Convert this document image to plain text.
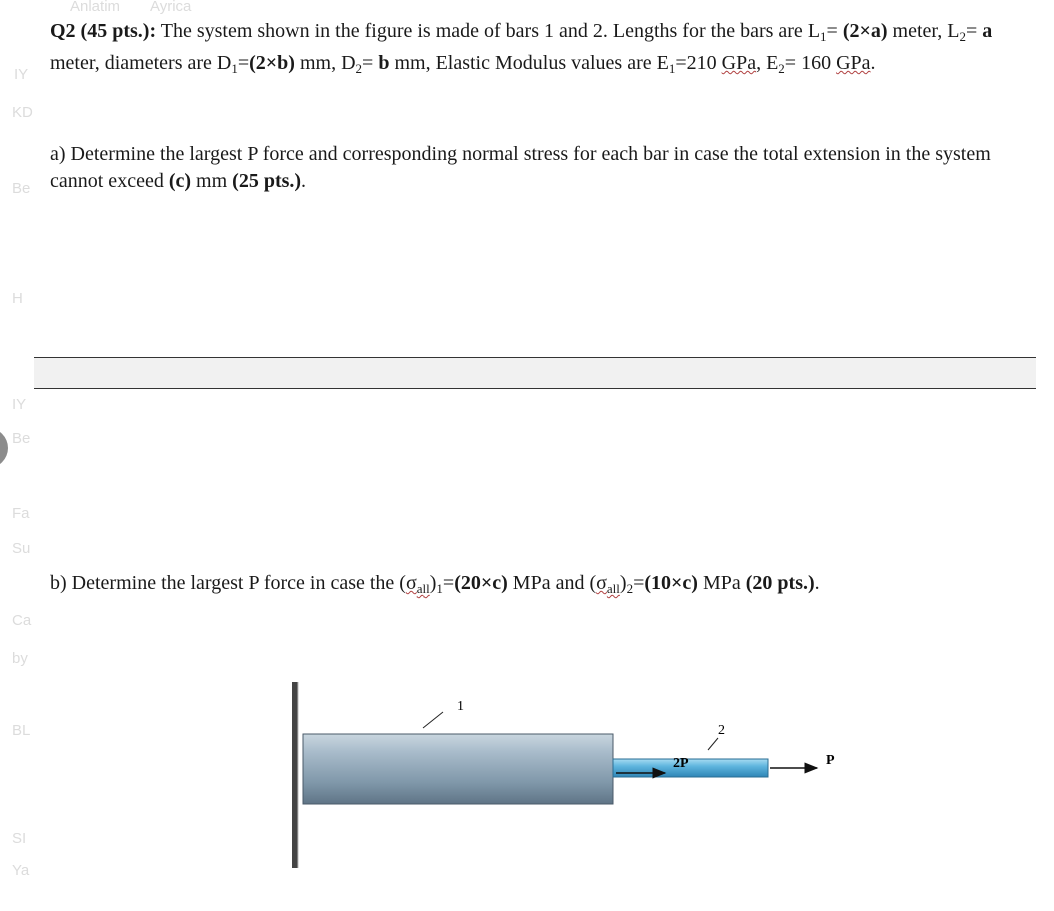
Anlatim Ayrica
IY
KD
Be
H
IY
Be
Fa
Su
Ca
by
BL
SI
Ya

Q2 (45 pts.): The system shown in the figure is made of bars 1 and 2. Lengths for the bars are $L_1= (2\times a)$ meter, $L_2= a$ meter, diameters are $D_1=(2\times b)$ mm, $D_2= b$ mm, Elastic Modulus values are $E_1=210$ GPa, $E_2= 160$ GPa.

a) Determine the largest P force and corresponding normal stress for each bar in case the total extension in the system cannot exceed (c) mm (25 pts.).

b) Determine the largest P force in case the $(\sigma_{all})_1=(20\times c)$ MPa and $(\sigma_{all})_2=(10\times c)$ MPa (20 pts.).

1
2
2P	P
